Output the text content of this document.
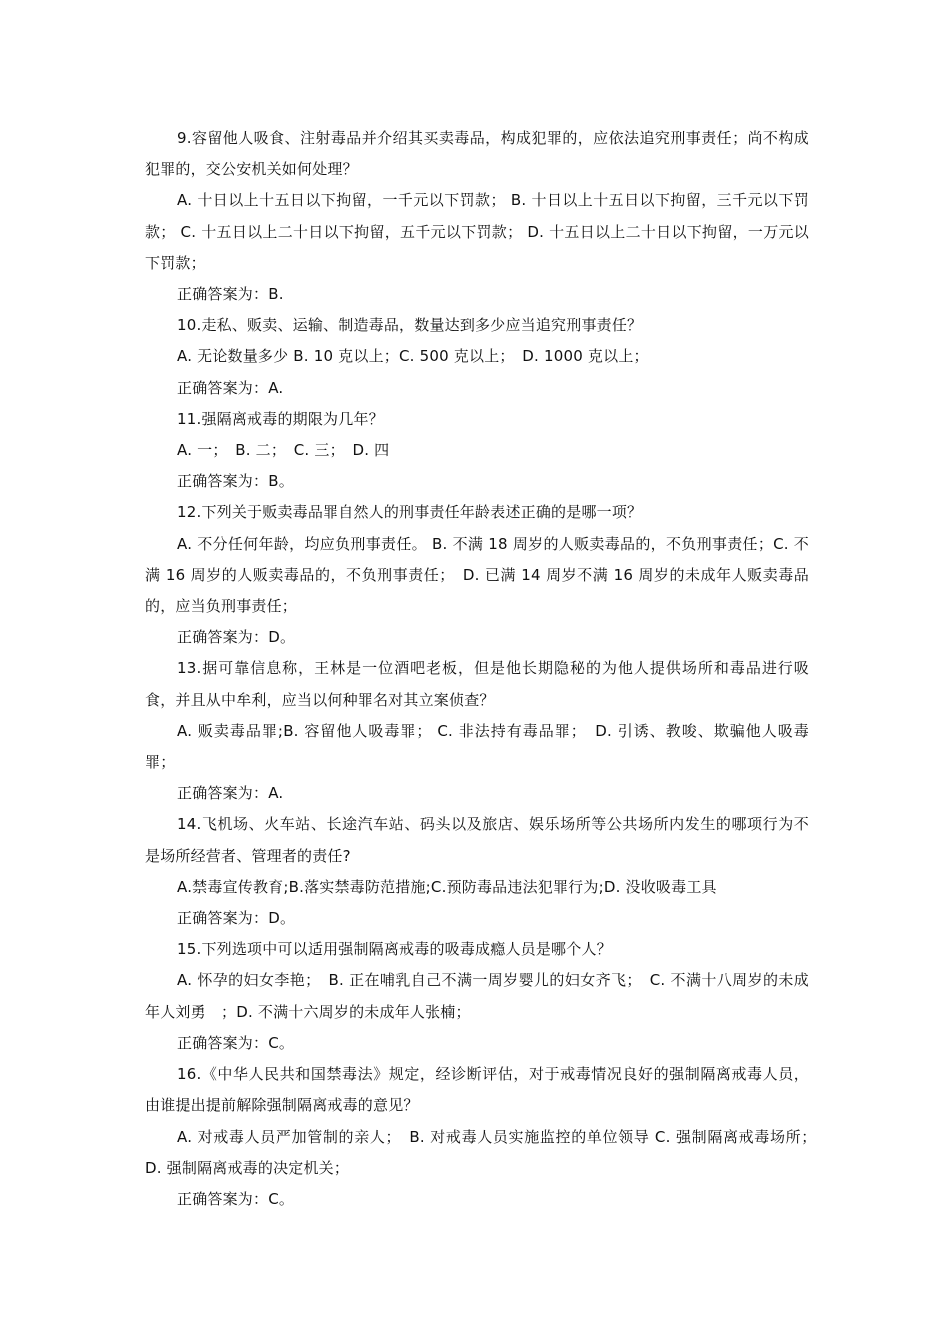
9.容留他人吸食、注射毒品并介绍其买卖毒品，构成犯罪的，应依法追究刑事责任；尚不构成犯罪的，交公安机关如何处理？

A. 十日以上十五日以下拘留，一千元以下罚款； B. 十日以上十五日以下拘留，三千元以下罚款； C. 十五日以上二十日以下拘留，五千元以下罚款； D. 十五日以上二十日以下拘留，一万元以下罚款；

正确答案为：B.

10.走私、贩卖、运输、制造毒品，数量达到多少应当追究刑事责任？

A. 无论数量多少 B. 10 克以上；C. 500 克以上；　D. 1000 克以上；

正确答案为：A.

11.强隔离戒毒的期限为几年？

A. 一；　B. 二；　C. 三；　D. 四

正确答案为：B。

12.下列关于贩卖毒品罪自然人的刑事责任年龄表述正确的是哪一项？

A. 不分任何年龄，均应负刑事责任。 B. 不满 18 周岁的人贩卖毒品的，不负刑事责任；C. 不满 16 周岁的人贩卖毒品的，不负刑事责任；　D. 已满 14 周岁不满 16 周岁的未成年人贩卖毒品的，应当负刑事责任；

正确答案为：D。

13.据可靠信息称，王林是一位酒吧老板，但是他长期隐秘的为他人提供场所和毒品进行吸食，并且从中牟利，应当以何种罪名对其立案侦查？

A. 贩卖毒品罪;B. 容留他人吸毒罪； C. 非法持有毒品罪；　D. 引诱、教唆、欺骗他人吸毒罪；

正确答案为：A.

14.飞机场、火车站、长途汽车站、码头以及旅店、娱乐场所等公共场所内发生的哪项行为不是场所经营者、管理者的责任?

A.禁毒宣传教育;B.落实禁毒防范措施;C.预防毒品违法犯罪行为;D. 没收吸毒工具

正确答案为：D。

15.下列选项中可以适用强制隔离戒毒的吸毒成瘾人员是哪个人？

A. 怀孕的妇女李艳；　B. 正在哺乳自己不满一周岁婴儿的妇女齐飞；　C. 不满十八周岁的未成年人刘勇　；D. 不满十六周岁的未成年人张楠；

正确答案为：C。

16.《中华人民共和国禁毒法》规定，经诊断评估，对于戒毒情况良好的强制隔离戒毒人员，由谁提出提前解除强制隔离戒毒的意见？

A. 对戒毒人员严加管制的亲人；　B. 对戒毒人员实施监控的单位领导 C. 强制隔离戒毒场所；　D. 强制隔离戒毒的决定机关；

正确答案为：C。
